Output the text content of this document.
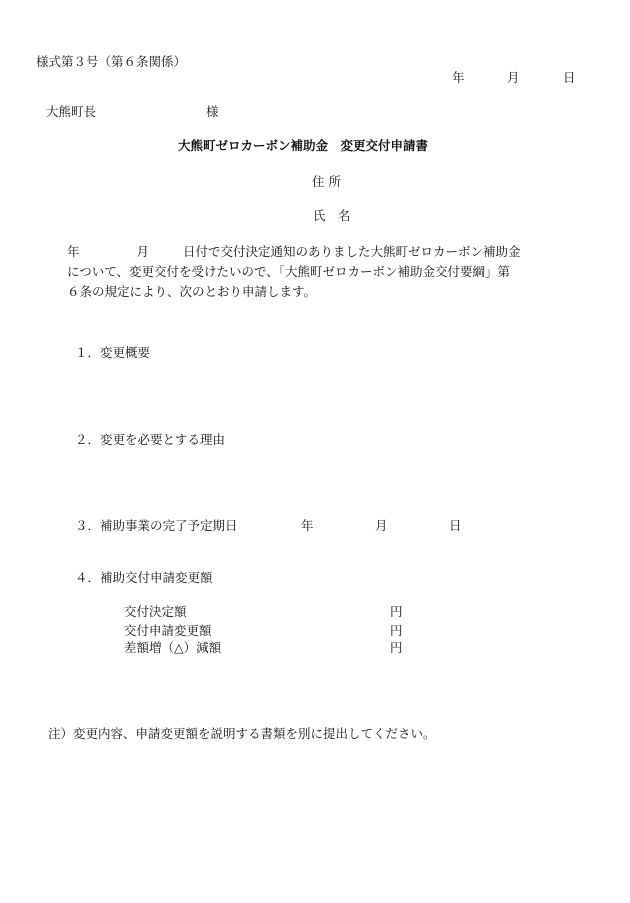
様式第３号（第６条関係）
年	月	日
大熊町長	様
大熊町ゼロカーボン補助金　変更交付申請書
住 所
氏　名
年	月	日付で交付決定通知のありました大熊町ゼロカーボン補助金
について、変更交付を受けたいので、「大熊町ゼロカーボン補助金交付要綱」第
６条の規定により、次のとおり申請します。
１．変更概要
２．変更を必要とする理由
３．補助事業の完了予定期日	年	月	日
４．補助交付申請変更額
交付決定額	円
交付申請変更額	円
差額増（△）減額	円
注）変更内容、申請変更額を説明する書類を別に提出してください。
